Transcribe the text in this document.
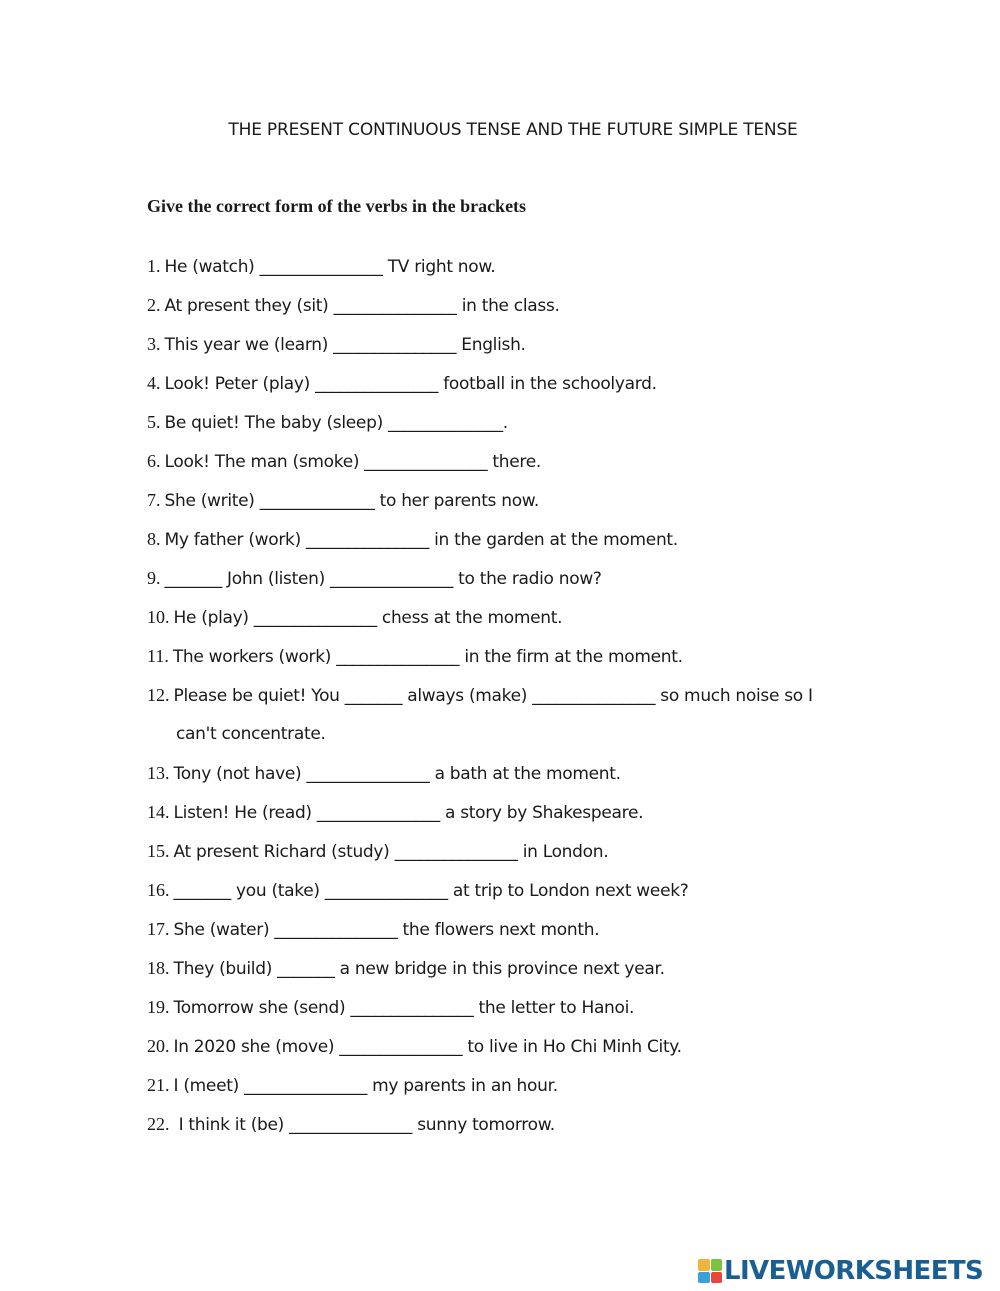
THE PRESENT CONTINUOUS TENSE AND THE FUTURE SIMPLE TENSE
Give the correct form of the verbs in the brackets
1. He (watch) _______________ TV right now.
2. At present they (sit) _______________ in the class.
3. This year we (learn) _______________ English.
4. Look! Peter (play) _______________ football in the schoolyard.
5. Be quiet! The baby (sleep) ______________.
6. Look! The man (smoke) _______________ there.
7. She (write) ______________ to her parents now.
8. My father (work) _______________ in the garden at the moment.
9. _______ John (listen) _______________ to the radio now?
10. He (play) _______________ chess at the moment.
11. The workers (work) _______________ in the firm at the moment.
12. Please be quiet! You _______ always (make) _______________ so much noise so I
can't concentrate.
13. Tony (not have) _______________ a bath at the moment.
14. Listen! He (read) _______________ a story by Shakespeare.
15. At present Richard (study) _______________ in London.
16. _______ you (take) _______________ at trip to London next week?
17. She (water) _______________ the flowers next month.
18. They (build) _______ a new bridge in this province next year.
19. Tomorrow she (send) _______________ the letter to Hanoi.
20. In 2020 she (move) _______________ to live in Ho Chi Minh City.
21. I (meet) _______________ my parents in an hour.
22. I think it (be) _______________ sunny tomorrow.
LIVEWORKSHEETS
